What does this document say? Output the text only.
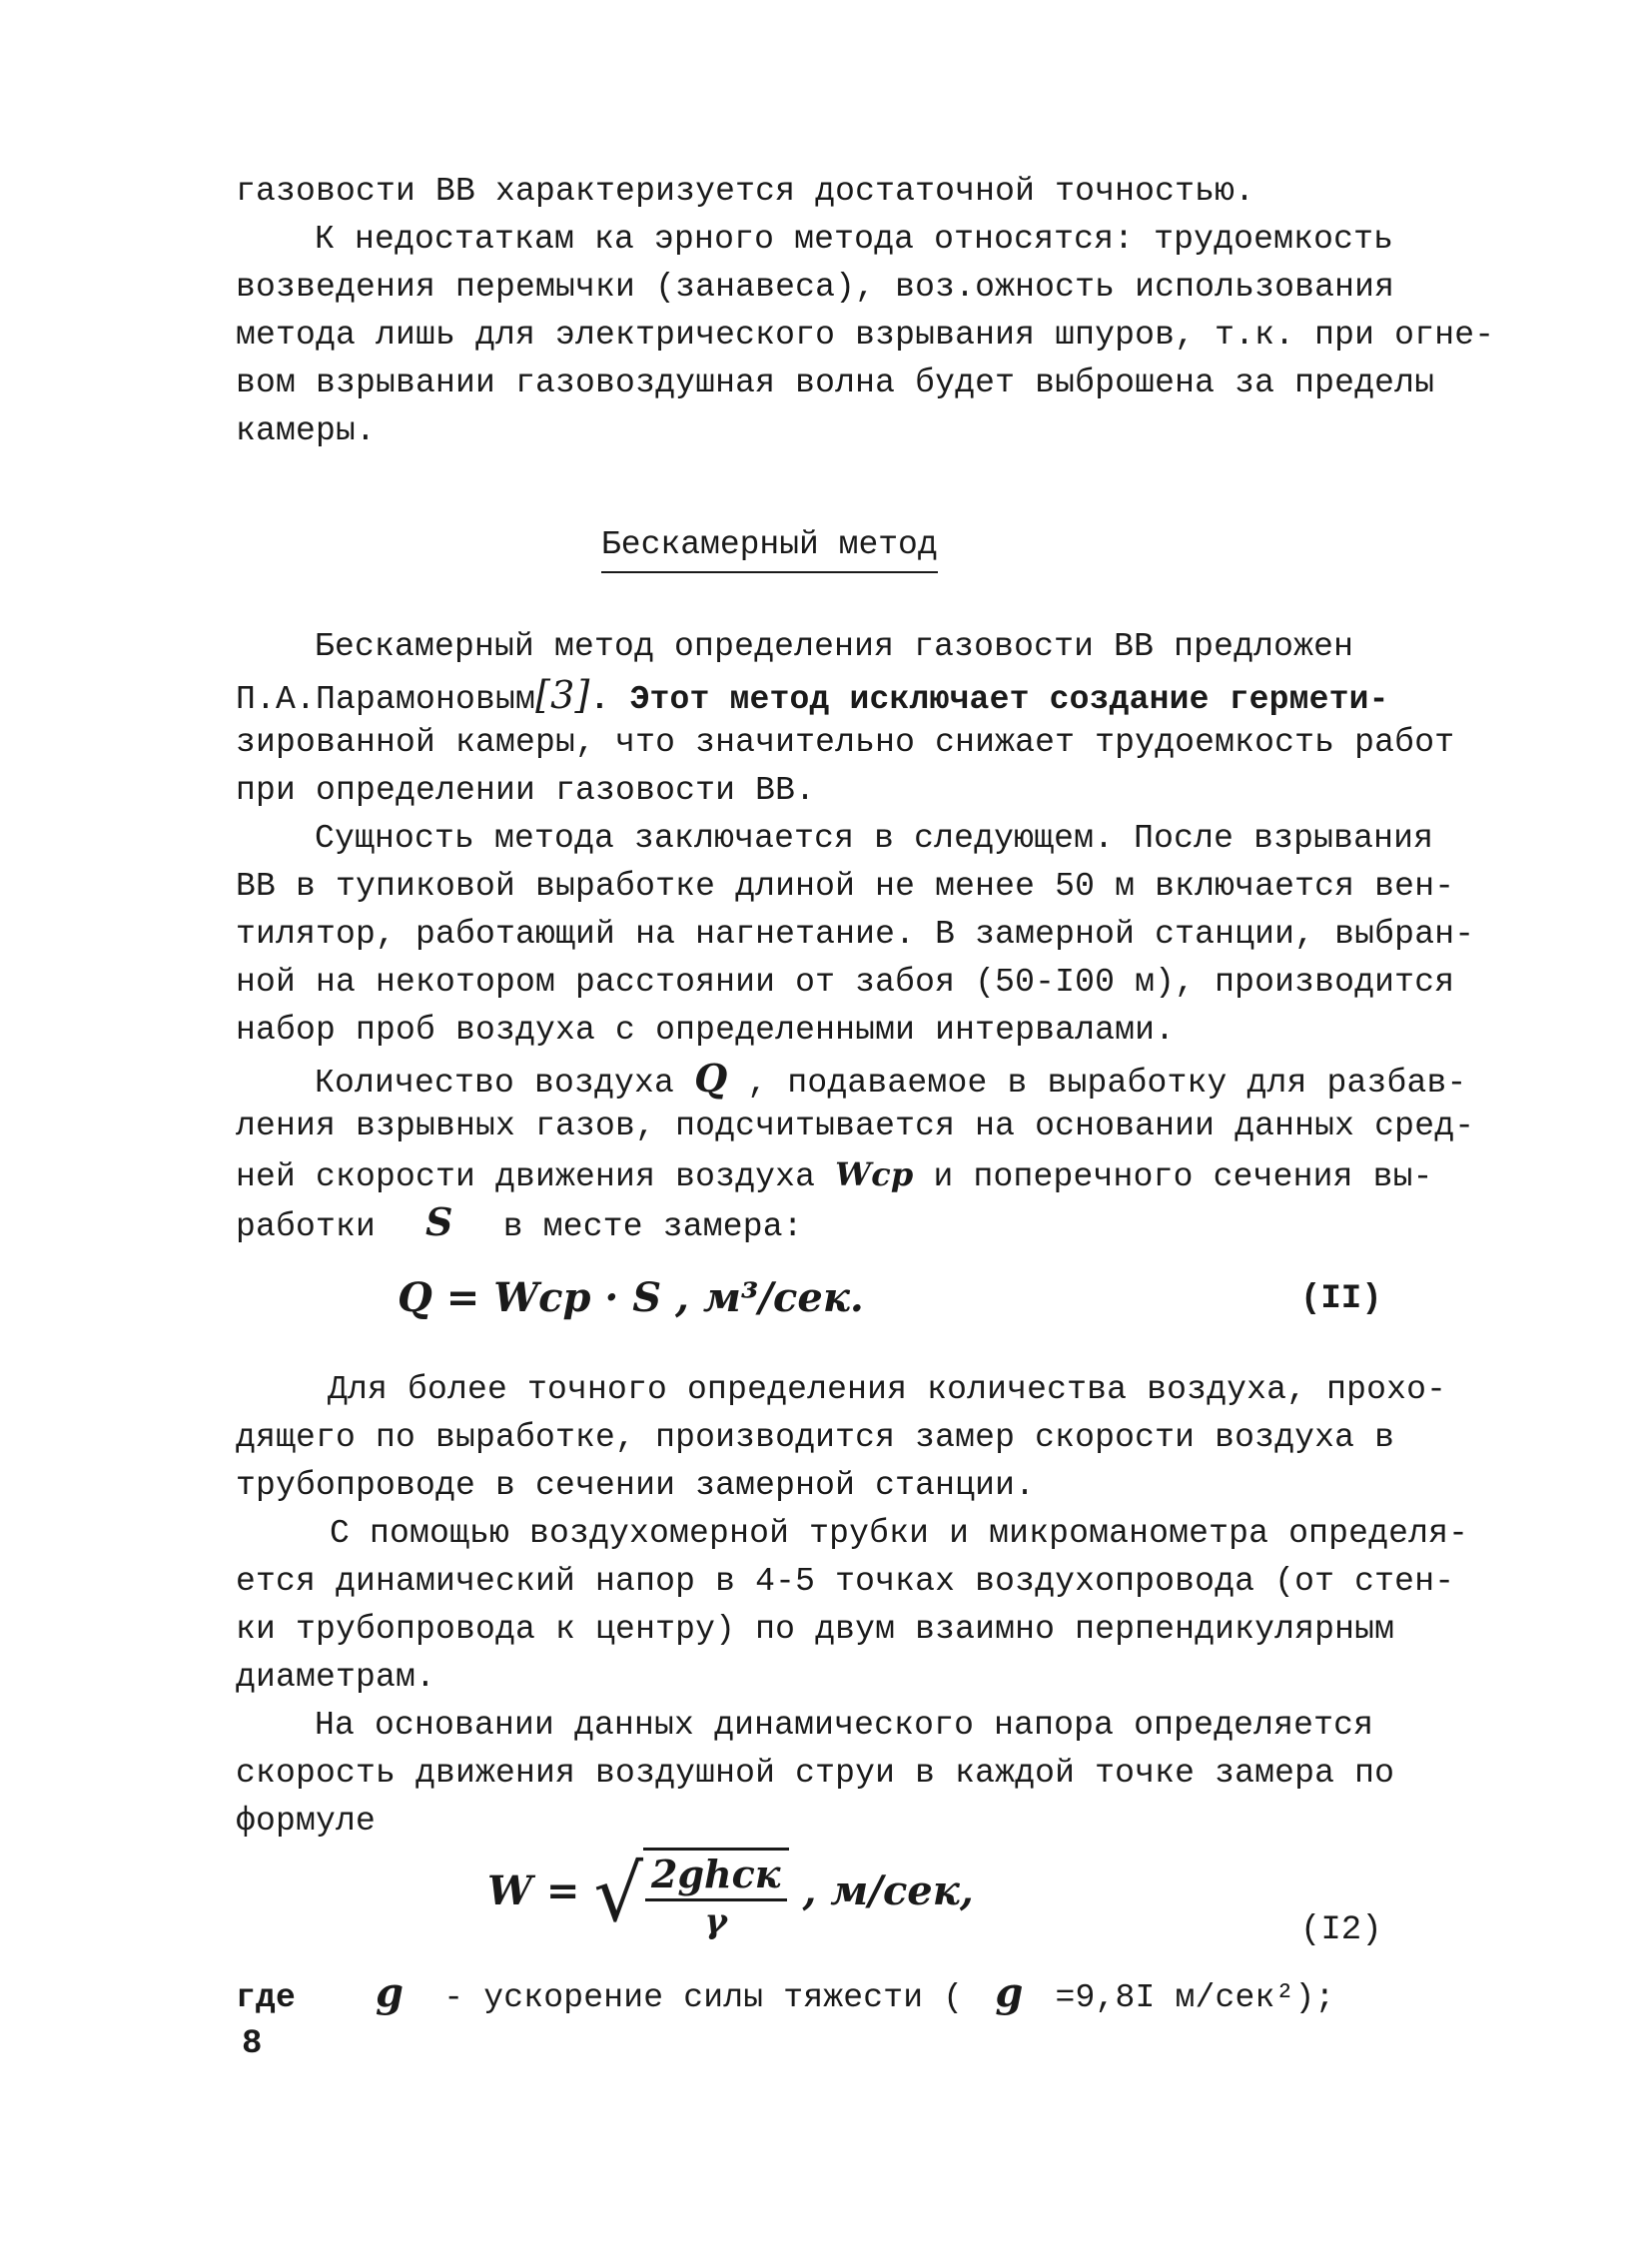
газовости ВВ характеризуется достаточной точностью.
К недостаткам ка эрного метода относятся: трудоемкость
возведения перемычки (занавеса), воз.ожность использования
метода лишь для электрического взрывания шпуров, т.к. при огне-
вом взрывании газовоздушная волна будет выброшена за пределы
камеры.
Бескамерный метод
Бескамерный метод определения газовости ВВ предложен
П.А.Парамоновым[3]. Этот метод исключает создание гермети-
зированной камеры, что значительно снижает трудоемкость работ
при определении газовости ВВ.
Сущность метода заключается в следующем. После взрывания
ВВ в тупиковой выработке длиной не менее 50 м включается вен-
тилятор, работающий на нагнетание. В замерной станции, выбран-
ной на некотором расстоянии от забоя (50-I00 м), производится
набор проб воздуха с определенными интервалами.
Количество воздуха Q , подаваемое в выработку для разбав-
ления взрывных газов, подсчитывается на основании данных сред-
ней скорости движения воздуха Wср и поперечного сечения вы-
работки S в месте замера:
Q = Wср · S , м³/сек.	(II)
Для более точного определения количества воздуха, прохо-
дящего по выработке, производится замер скорости воздуха в
трубопроводе в сечении замерной станции.
С помощью воздухомерной трубки и микроманометра определя-
ется динамический напор в 4-5 точках воздухопровода (от стен-
ки трубопровода к центру) по двум взаимно перпендикулярным
диаметрам.
На основании данных динамического напора определяется
скорость движения воздушной струи в каждой точке замера по
формуле
W = √ $\frac{\text{2ghск}}{\gamma}$ , м/сек,
(I2)
где g - ускорение силы тяжести ( g =9,8I м/сек²);
8
